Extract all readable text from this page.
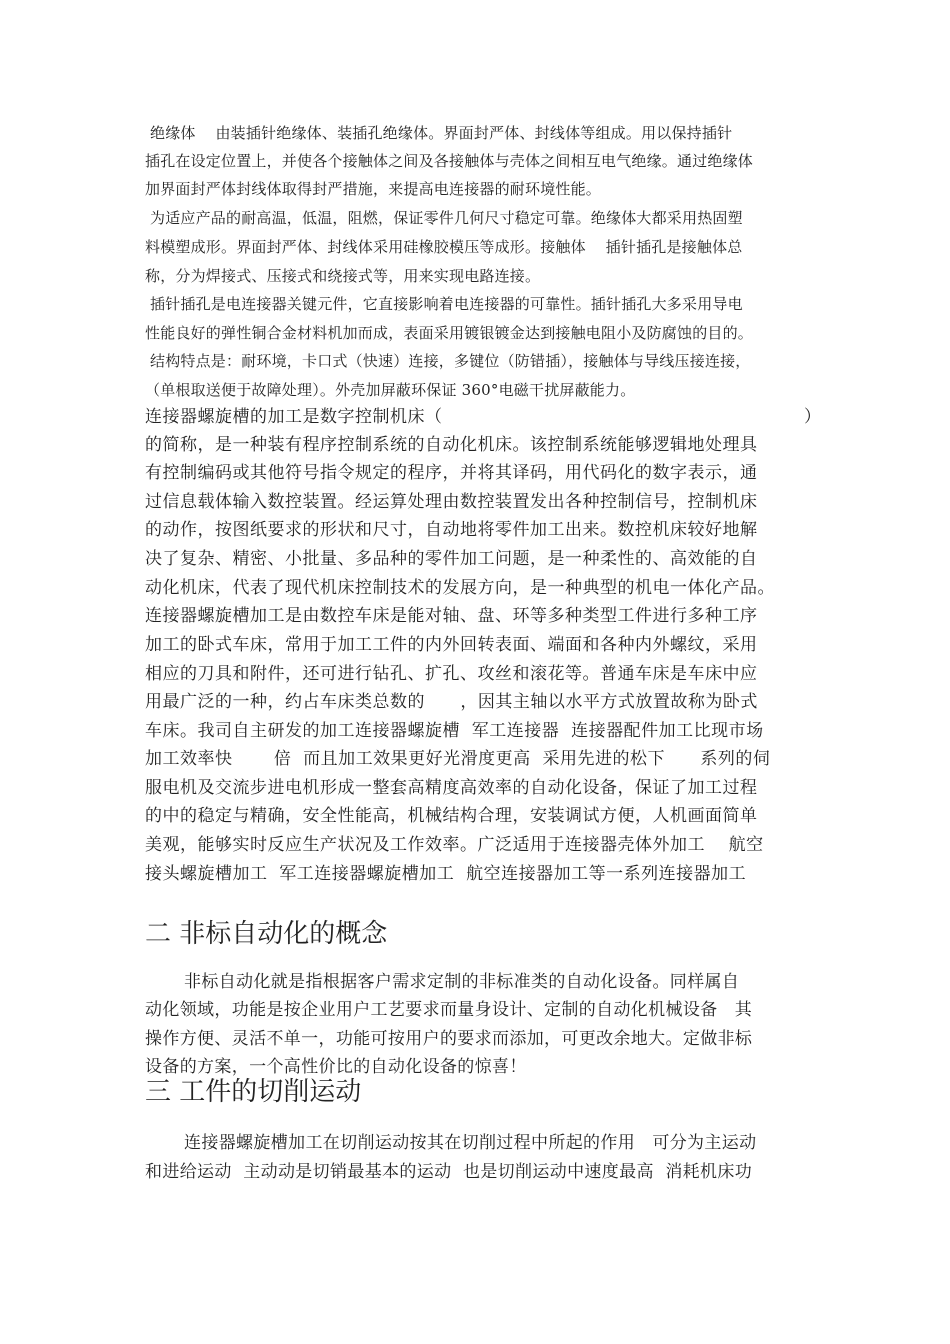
绝缘体    由装插针绝缘体、装插孔绝缘体。界面封严体、封线体等组成。用以保持插针
插孔在设定位置上，并使各个接触体之间及各接触体与壳体之间相互电气绝缘。通过绝缘体
加界面封严体封线体取得封严措施，来提高电连接器的耐环境性能。
为适应产品的耐高温，低温，阻燃，保证零件几何尺寸稳定可靠。绝缘体大都采用热固塑
料模塑成形。界面封严体、封线体采用硅橡胶模压等成形。接触体    插针插孔是接触体总
称，分为焊接式、压接式和绕接式等，用来实现电路连接。
插针插孔是电连接器关键元件，它直接影响着电连接器的可靠性。插针插孔大多采用导电
性能良好的弹性铜合金材料机加而成，表面采用镀银镀金达到接触电阻小及防腐蚀的目的。
结构特点是：耐环境，卡口式（快速）连接，多键位（防错插），接触体与导线压接连接，
（单根取送便于故障处理）。外壳加屏蔽环保证 360°电磁干扰屏蔽能力。
连接器螺旋槽的加工是数字控制机床（	）
的简称，是一种装有程序控制系统的自动化机床。该控制系统能够逻辑地处理具
有控制编码或其他符号指令规定的程序，并将其译码，用代码化的数字表示，通
过信息载体输入数控装置。经运算处理由数控装置发出各种控制信号，控制机床
的动作，按图纸要求的形状和尺寸，自动地将零件加工出来。数控机床较好地解
决了复杂、精密、小批量、多品种的零件加工问题，是一种柔性的、高效能的自
动化机床，代表了现代机床控制技术的发展方向，是一种典型的机电一体化产品。
连接器螺旋槽加工是由数控车床是能对轴、盘、环等多种类型工件进行多种工序
加工的卧式车床，常用于加工工件的内外回转表面、端面和各种内外螺纹，采用
相应的刀具和附件，还可进行钻孔、扩孔、攻丝和滚花等。普通车床是车床中应
用最广泛的一种，约占车床类总数的      ，因其主轴以水平方式放置故称为卧式
车床。我司自主研发的加工连接器螺旋槽  军工连接器  连接器配件加工比现市场
加工效率快       倍  而且加工效果更好光滑度更高  采用先进的松下      系列的伺
服电机及交流步进电机形成一整套高精度高效率的自动化设备，保证了加工过程
的中的稳定与精确，安全性能高，机械结构合理，安装调试方便，人机画面简单
美观，能够实时反应生产状况及工作效率。广泛适用于连接器壳体外加工    航空
接头螺旋槽加工  军工连接器螺旋槽加工  航空连接器加工等一系列连接器加工
二 非标自动化的概念
非标自动化就是指根据客户需求定制的非标准类的自动化设备。同样属自
动化领域，功能是按企业用户工艺要求而量身设计、定制的自动化机械设备   其
操作方便、灵活不单一，功能可按用户的要求而添加，可更改余地大。定做非标
设备的方案，一个高性价比的自动化设备的惊喜！
三 工件的切削运动
连接器螺旋槽加工在切削运动按其在切削过程中所起的作用   可分为主运动
和进给运动  主动动是切销最基本的运动  也是切削运动中速度最高  消耗机床功
